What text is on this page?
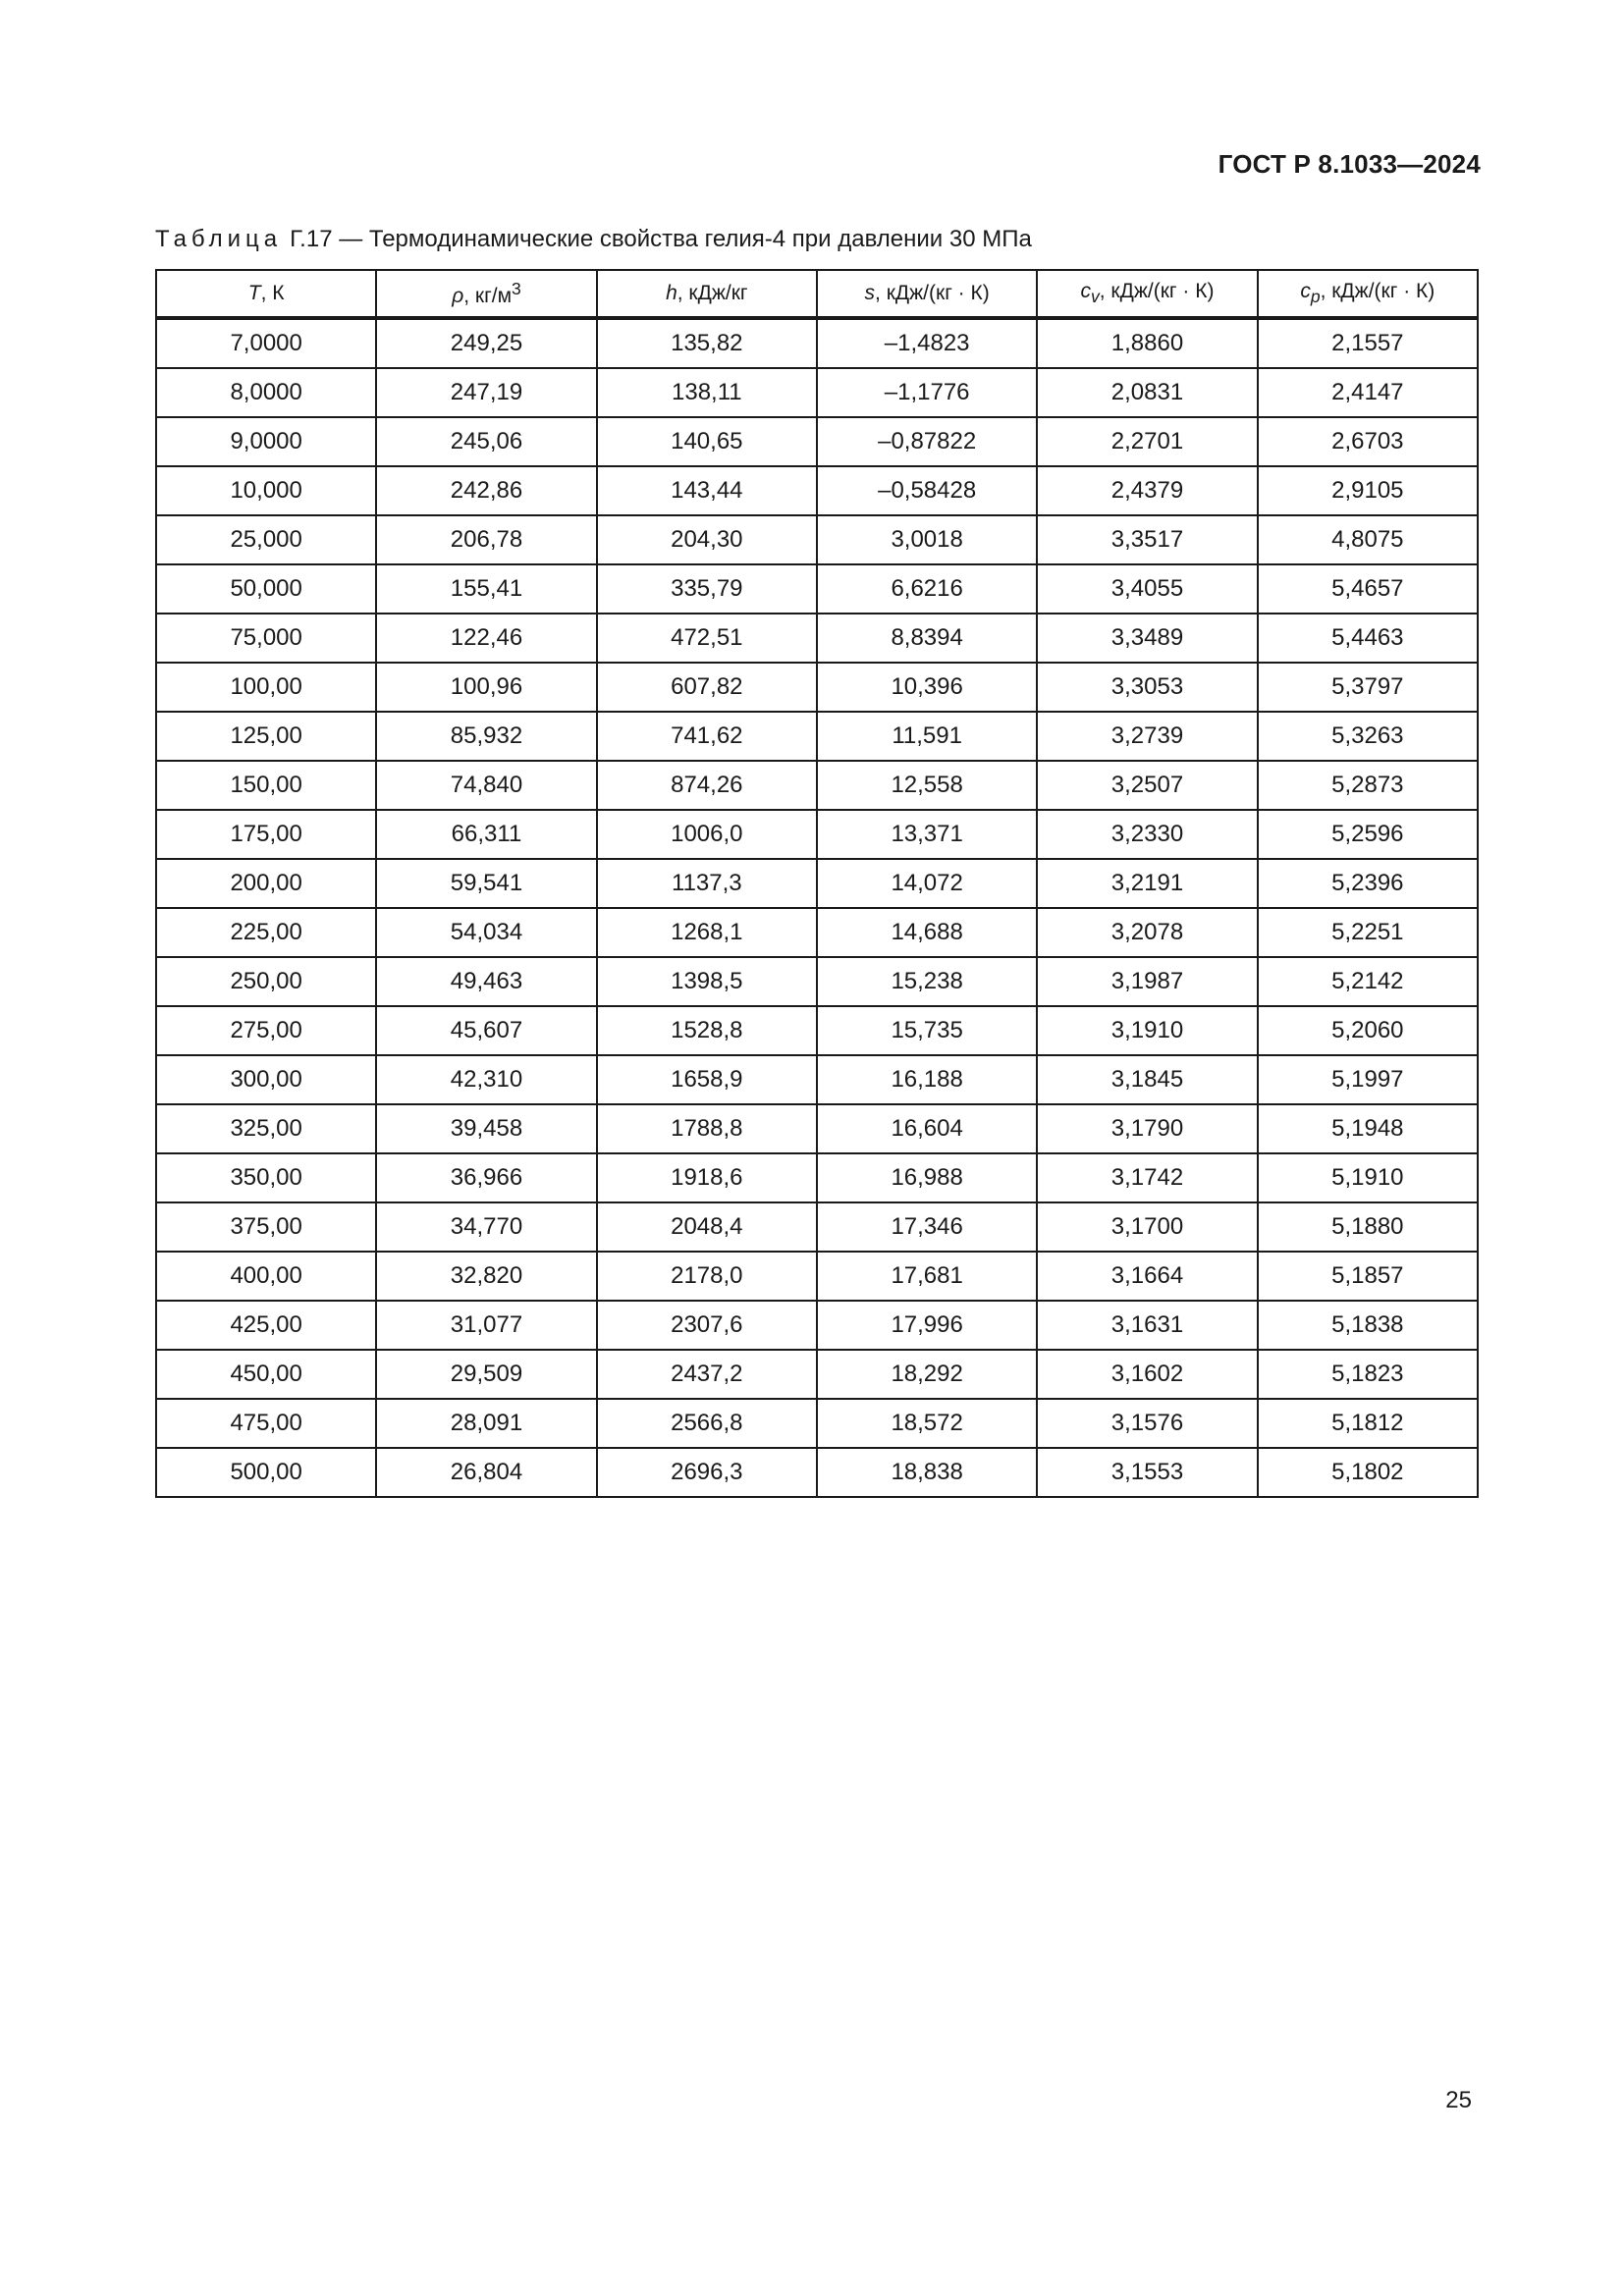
ГОСТ Р 8.1033—2024
Таблица Г.17 — Термодинамические свойства гелия-4 при давлении 30 МПа
T, К	ρ, $кг/м^3$	h, кДж/кг	s, кДж/(кг · К)	$c_v$, кДж/(кг · К)	$c_p$, кДж/(кг · К)
7,0000	249,25	135,82	–1,4823	1,8860	2,1557
8,0000	247,19	138,11	–1,1776	2,0831	2,4147
9,0000	245,06	140,65	–0,87822	2,2701	2,6703
10,000	242,86	143,44	–0,58428	2,4379	2,9105
25,000	206,78	204,30	3,0018	3,3517	4,8075
50,000	155,41	335,79	6,6216	3,4055	5,4657
75,000	122,46	472,51	8,8394	3,3489	5,4463
100,00	100,96	607,82	10,396	3,3053	5,3797
125,00	85,932	741,62	11,591	3,2739	5,3263
150,00	74,840	874,26	12,558	3,2507	5,2873
175,00	66,311	1006,0	13,371	3,2330	5,2596
200,00	59,541	1137,3	14,072	3,2191	5,2396
225,00	54,034	1268,1	14,688	3,2078	5,2251
250,00	49,463	1398,5	15,238	3,1987	5,2142
275,00	45,607	1528,8	15,735	3,1910	5,2060
300,00	42,310	1658,9	16,188	3,1845	5,1997
325,00	39,458	1788,8	16,604	3,1790	5,1948
350,00	36,966	1918,6	16,988	3,1742	5,1910
375,00	34,770	2048,4	17,346	3,1700	5,1880
400,00	32,820	2178,0	17,681	3,1664	5,1857
425,00	31,077	2307,6	17,996	3,1631	5,1838
450,00	29,509	2437,2	18,292	3,1602	5,1823
475,00	28,091	2566,8	18,572	3,1576	5,1812
500,00	26,804	2696,3	18,838	3,1553	5,1802
25
